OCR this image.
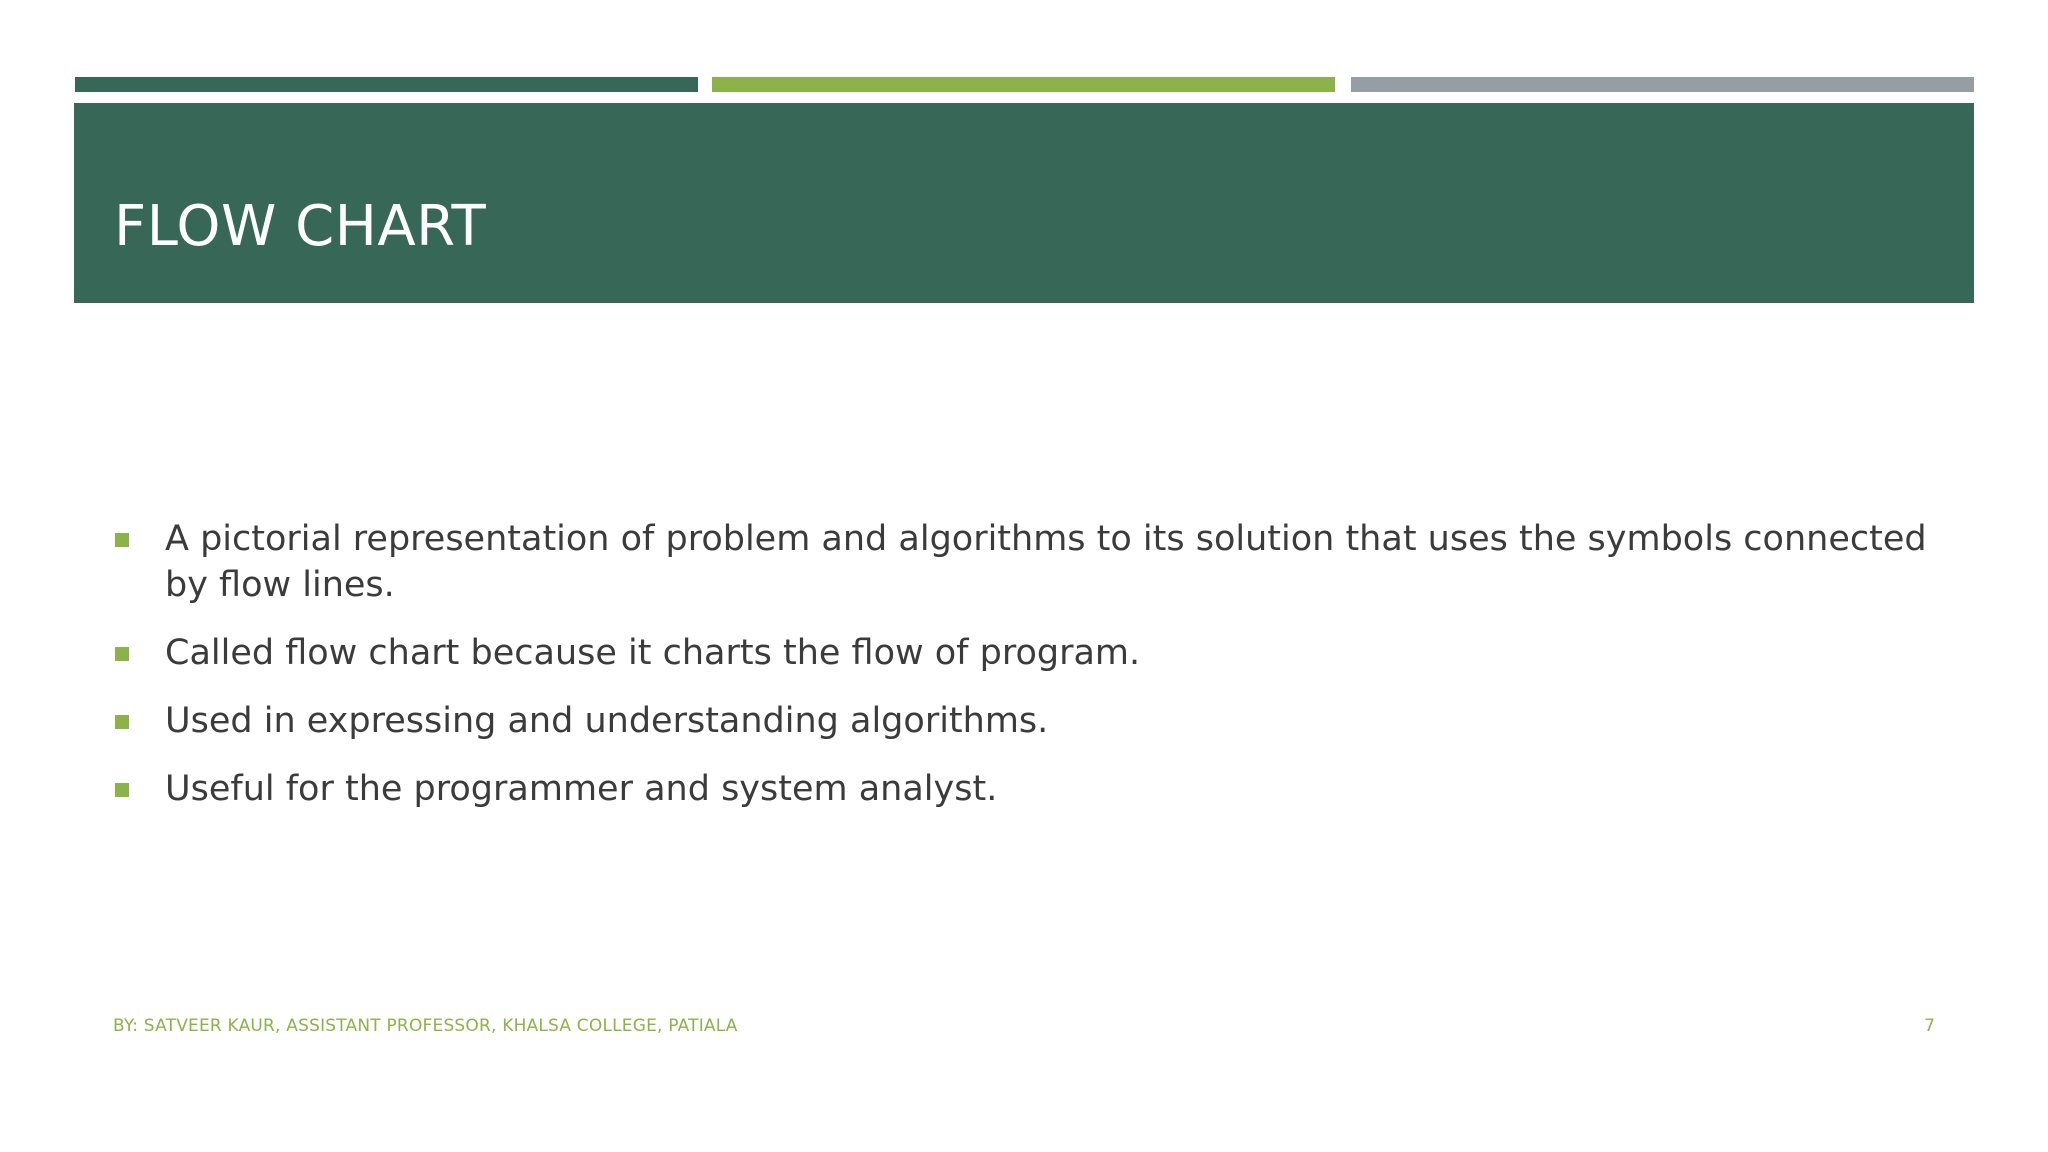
FLOW CHART
A pictorial representation of problem and algorithms to its solution that uses the symbols connected by flow lines.
Called flow chart because it charts the flow of program.
Used in expressing and understanding algorithms.
Useful for the programmer and system analyst.
BY: SATVEER KAUR, ASSISTANT PROFESSOR, KHALSA COLLEGE, PATIALA	7
